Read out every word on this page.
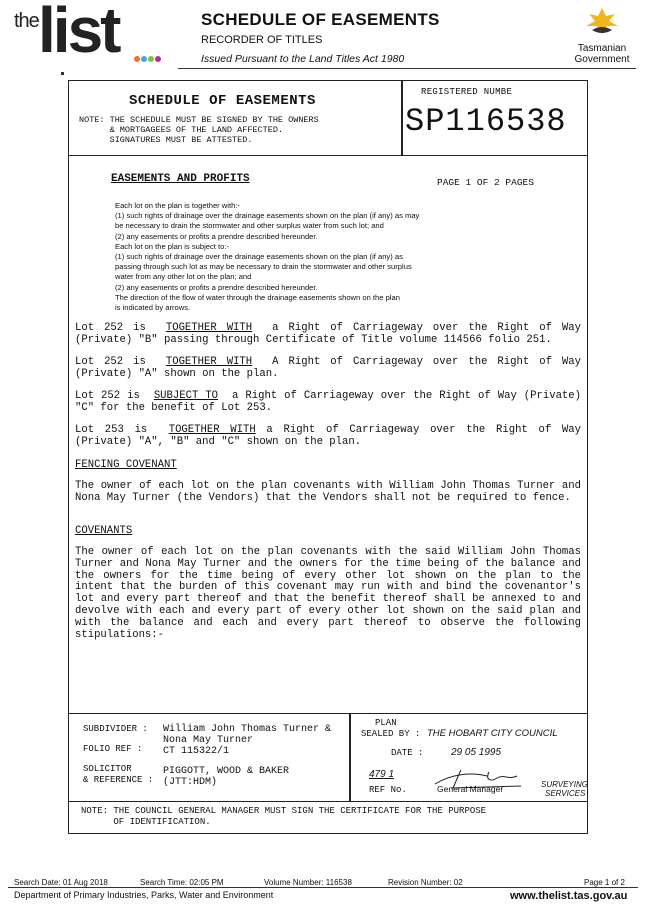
the list	SCHEDULE OF EASEMENTS
RECORDER OF TITLES
Issued Pursuant to the Land Titles Act 1980
Tasmanian
Government
SCHEDULE OF EASEMENTS
NOTE: THE SCHEDULE MUST BE SIGNED BY THE OWNERS
& MORTGAGEES OF THE LAND AFFECTED.
SIGNATURES MUST BE ATTESTED.
REGISTERED NUMBE
SP116538
EASEMENTS AND PROFITS	PAGE 1 OF 2 PAGES
Each lot on the plan is together with:-
(1) such rights of drainage over the drainage easements shown on the plan (if any) as may
be necessary to drain the stormwater and other surplus water from such lot; and
(2) any easements or profits a prendre described hereunder.
Each lot on the plan is subject to:-
(1) such rights of drainage over the drainage easements shown on the plan (if any) as
passing through such lot as may be necessary to drain the stormwater and other surplus
water from any other lot on the plan; and
(2) any easements or profits a prendre described hereunder.
The direction of the flow of water through the drainage easements shown on the plan
is indicated by arrows.
Lot 252 is  TOGETHER WITH  a Right of Carriageway over the Right of Way (Private) "B" passing through Certificate of Title volume 114566 folio 251.
Lot 252 is  TOGETHER WITH  A Right of Carriageway over the Right of Way (Private) "A" shown on the plan.
Lot 252 is  SUBJECT TO  a Right of Carriageway over the Right of Way (Private) "C" for the benefit of Lot 253.
Lot 253 is  TOGETHER WITH a Right of Carriageway over the Right of Way (Private) "A", "B" and "C" shown on the plan.
FENCING COVENANT
The owner of each lot on the plan covenants with William John Thomas Turner and Nona May Turner (the Vendors) that the Vendors shall not be required to fence.
COVENANTS
The owner of each lot on the plan covenants with the said William John Thomas Turner and Nona May Turner and the owners for the time being of the balance and the owners for the time being of every other lot shown on the plan to the intent that the burden of this covenant may run with and bind the covenantor's lot and every part thereof and that the benefit thereof shall be annexed to and devolve with each and every part of every other lot shown on the said plan and with the balance and each and every part thereof to observe the following stipulations:-
SUBDIVIDER : William John Thomas Turner &
Nona May Turner
FOLIO REF : CT 115322/1
SOLICITOR
& REFERENCE :
PIGGOTT, WOOD & BAKER
(JTT:HDM)
PLAN
SEALED BY : THE HOBART CITY COUNCIL
DATE :	29 05 1995
479 1
REF No.	General Manager	SURVEYING
SERVICES
NOTE: THE COUNCIL GENERAL MANAGER MUST SIGN THE CERTIFICATE FOR THE PURPOSE
OF IDENTIFICATION.
Search Date: 01 Aug 2018	Search Time: 02:05 PM	Volume Number: 116538	Revision Number: 02	Page 1 of 2
Department of Primary Industries, Parks, Water and Environment	www.thelist.tas.gov.au
